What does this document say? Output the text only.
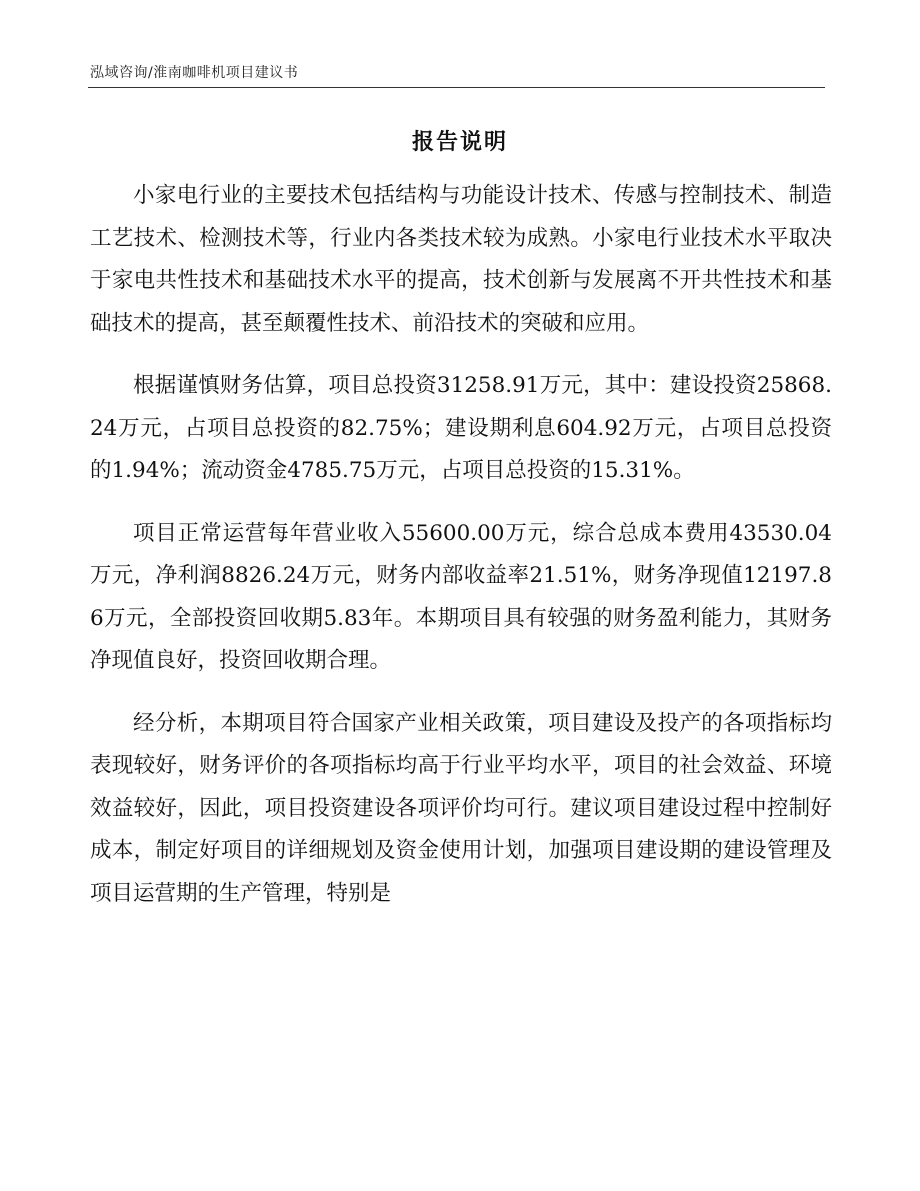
泓域咨询/淮南咖啡机项目建议书
报告说明

小家电行业的主要技术包括结构与功能设计技术、传感与控制技术、制造工艺技术、检测技术等，行业内各类技术较为成熟。小家电行业技术水平取决于家电共性技术和基础技术水平的提高，技术创新与发展离不开共性技术和基础技术的提高，甚至颠覆性技术、前沿技术的突破和应用。

根据谨慎财务估算，项目总投资31258.91万元，其中：建设投资25868.24万元，占项目总投资的82.75%；建设期利息604.92万元，占项目总投资的1.94%；流动资金4785.75万元，占项目总投资的15.31%。

项目正常运营每年营业收入55600.00万元，综合总成本费用43530.04万元，净利润8826.24万元，财务内部收益率21.51%，财务净现值12197.86万元，全部投资回收期5.83年。本期项目具有较强的财务盈利能力，其财务净现值良好，投资回收期合理。

经分析，本期项目符合国家产业相关政策，项目建设及投产的各项指标均表现较好，财务评价的各项指标均高于行业平均水平，项目的社会效益、环境效益较好，因此，项目投资建设各项评价均可行。建议项目建设过程中控制好成本，制定好项目的详细规划及资金使用计划，加强项目建设期的建设管理及项目运营期的生产管理，特别是
